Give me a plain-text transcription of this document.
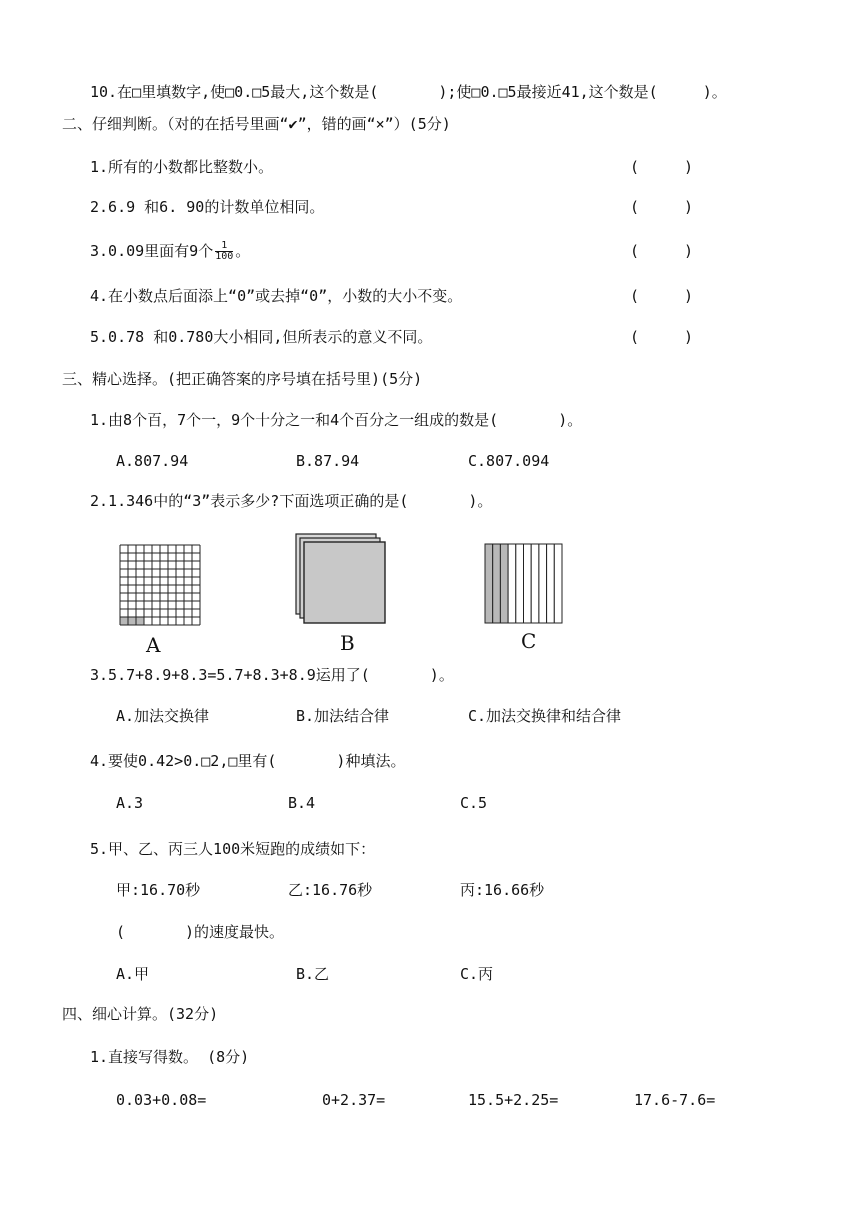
10.在□里填数字,使□0.□5最大,这个数是(　　　　);使□0.□5最接近41,这个数是(　　　)。
二、仔细判断。（对的在括号里画“✔”，错的画“×”）(5分)
1.所有的小数都比整数小。	(　　　)
2.6.9 和6. 90的计数单位相同。	(　　　)
3.0.09里面有9个 $\frac{1}{100}$ 。	(　　　)
4.在小数点后面添上“0”或去掉“0”，小数的大小不变。	(　　　)
5.0.78 和0.780大小相同,但所表示的意义不同。	(　　　)
三、精心选择。(把正确答案的序号填在括号里)(5分)
1.由8个百，7个一，9个十分之一和4个百分之一组成的数是(　　　　)。
A.807.94	B.87.94	C.807.094
2.1.346中的“3”表示多少?下面选项正确的是(　　　　)。
A	B	C
3.5.7+8.9+8.3=5.7+8.3+8.9运用了(　　　　)。
A.加法交换律	B.加法结合律	C.加法交换律和结合律
4.要使0.42>0.□2,□里有(　　　　)种填法。
A.3	B.4	C.5
5.甲、乙、丙三人100米短跑的成绩如下：
甲:16.70秒	乙:16.76秒	丙:16.66秒
(　　　　)的速度最快。
A.甲	B.乙	C.丙
四、细心计算。(32分)
1.直接写得数。 (8分)
0.03+0.08=	0+2.37=	15.5+2.25=	17.6-7.6=
